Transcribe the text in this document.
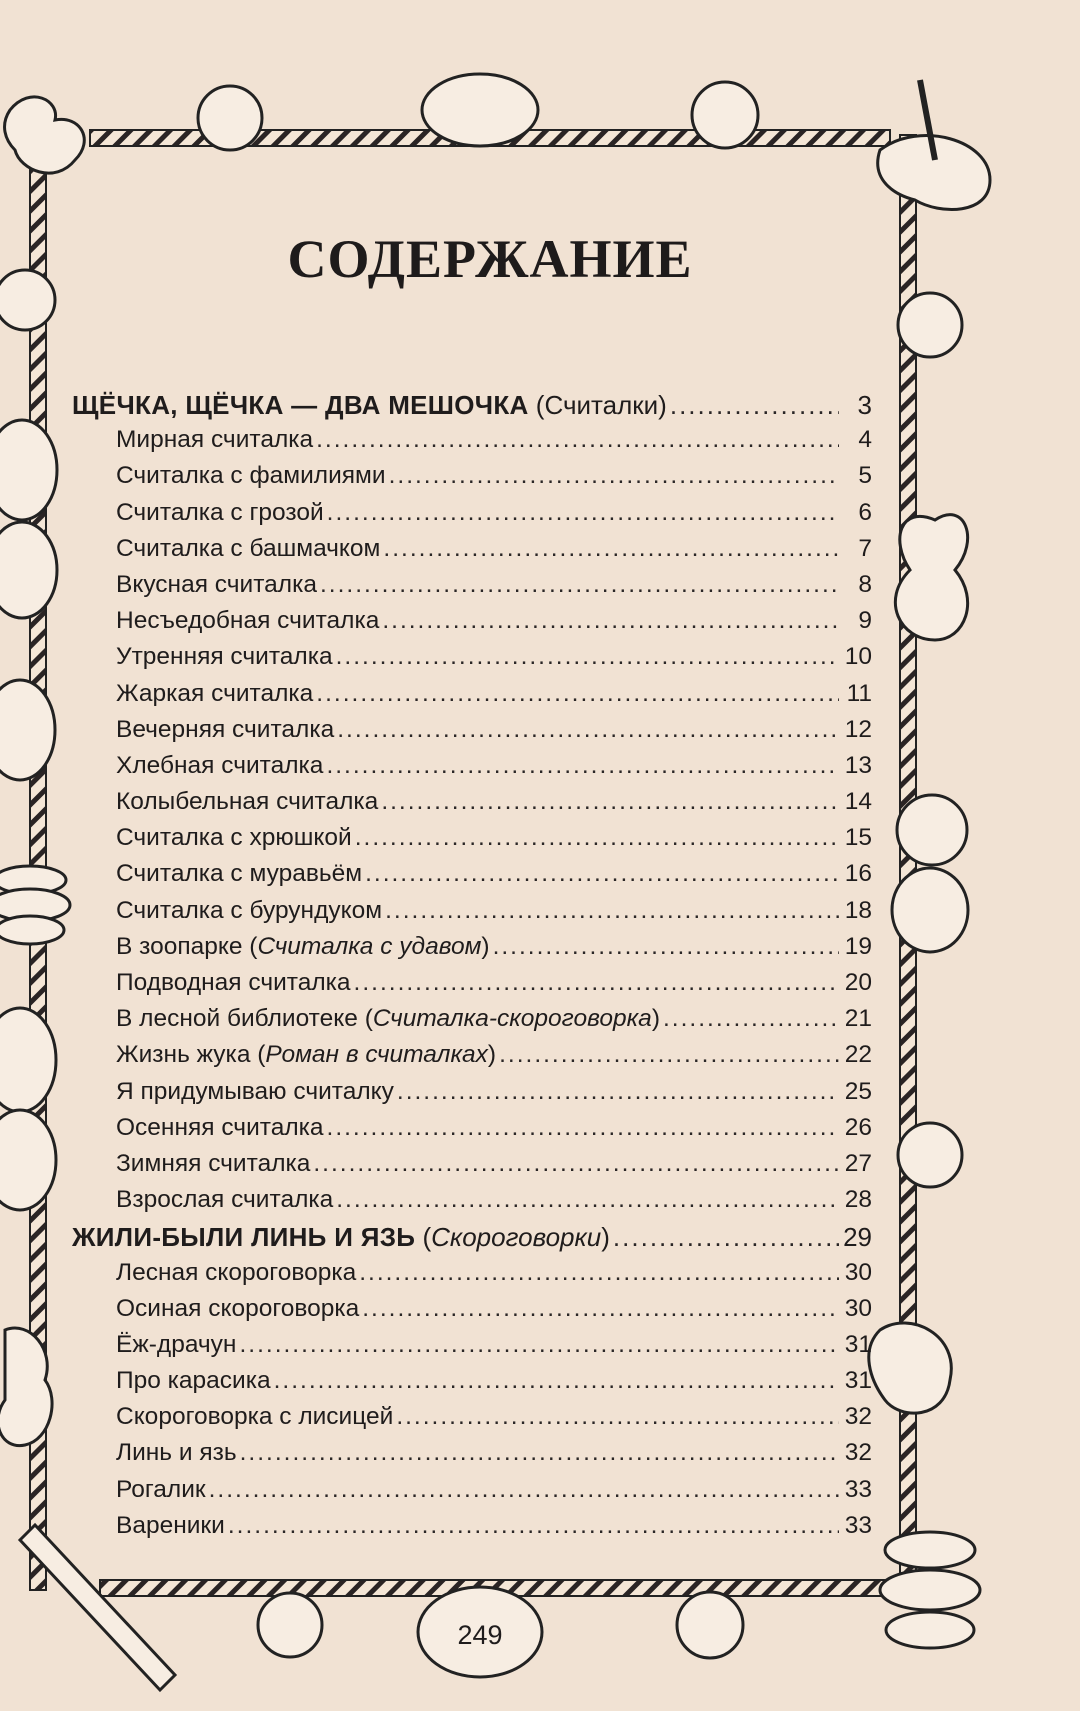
СОДЕРЖАНИЕ
ЩЁЧКА, ЩЁЧКА — ДВА МЕШОЧКА (Считалки) .....	3
Мирная считалка .....	4
Считалка с фамилиями .....	5
Считалка с грозой .....	6
Считалка с башмачком .....	7
Вкусная считалка .....	8
Несъедобная считалка .....	9
Утренняя считалка .....	10
Жаркая считалка .....	11
Вечерняя считалка .....	12
Хлебная считалка .....	13
Колыбельная считалка .....	14
Считалка с хрюшкой .....	15
Считалка с муравьём .....	16
Считалка с бурундуком .....	18
В зоопарке (Считалка с удавом) .....	19
Подводная считалка .....	20
В лесной библиотеке (Считалка-скороговорка) .....	21
Жизнь жука (Роман в считалках) .....	22
Я придумываю считалку .....	25
Осенняя считалка .....	26
Зимняя считалка .....	27
Взрослая считалка .....	28
ЖИЛИ-БЫЛИ ЛИНЬ И ЯЗЬ (Скороговорки) .....	29
Лесная скороговорка .....	30
Осиная скороговорка .....	30
Ёж-драчун .....	31
Про карасика .....	31
Скороговорка с лисицей .....	32
Линь и язь .....	32
Рогалик .....	33
Вареники .....	33
249
